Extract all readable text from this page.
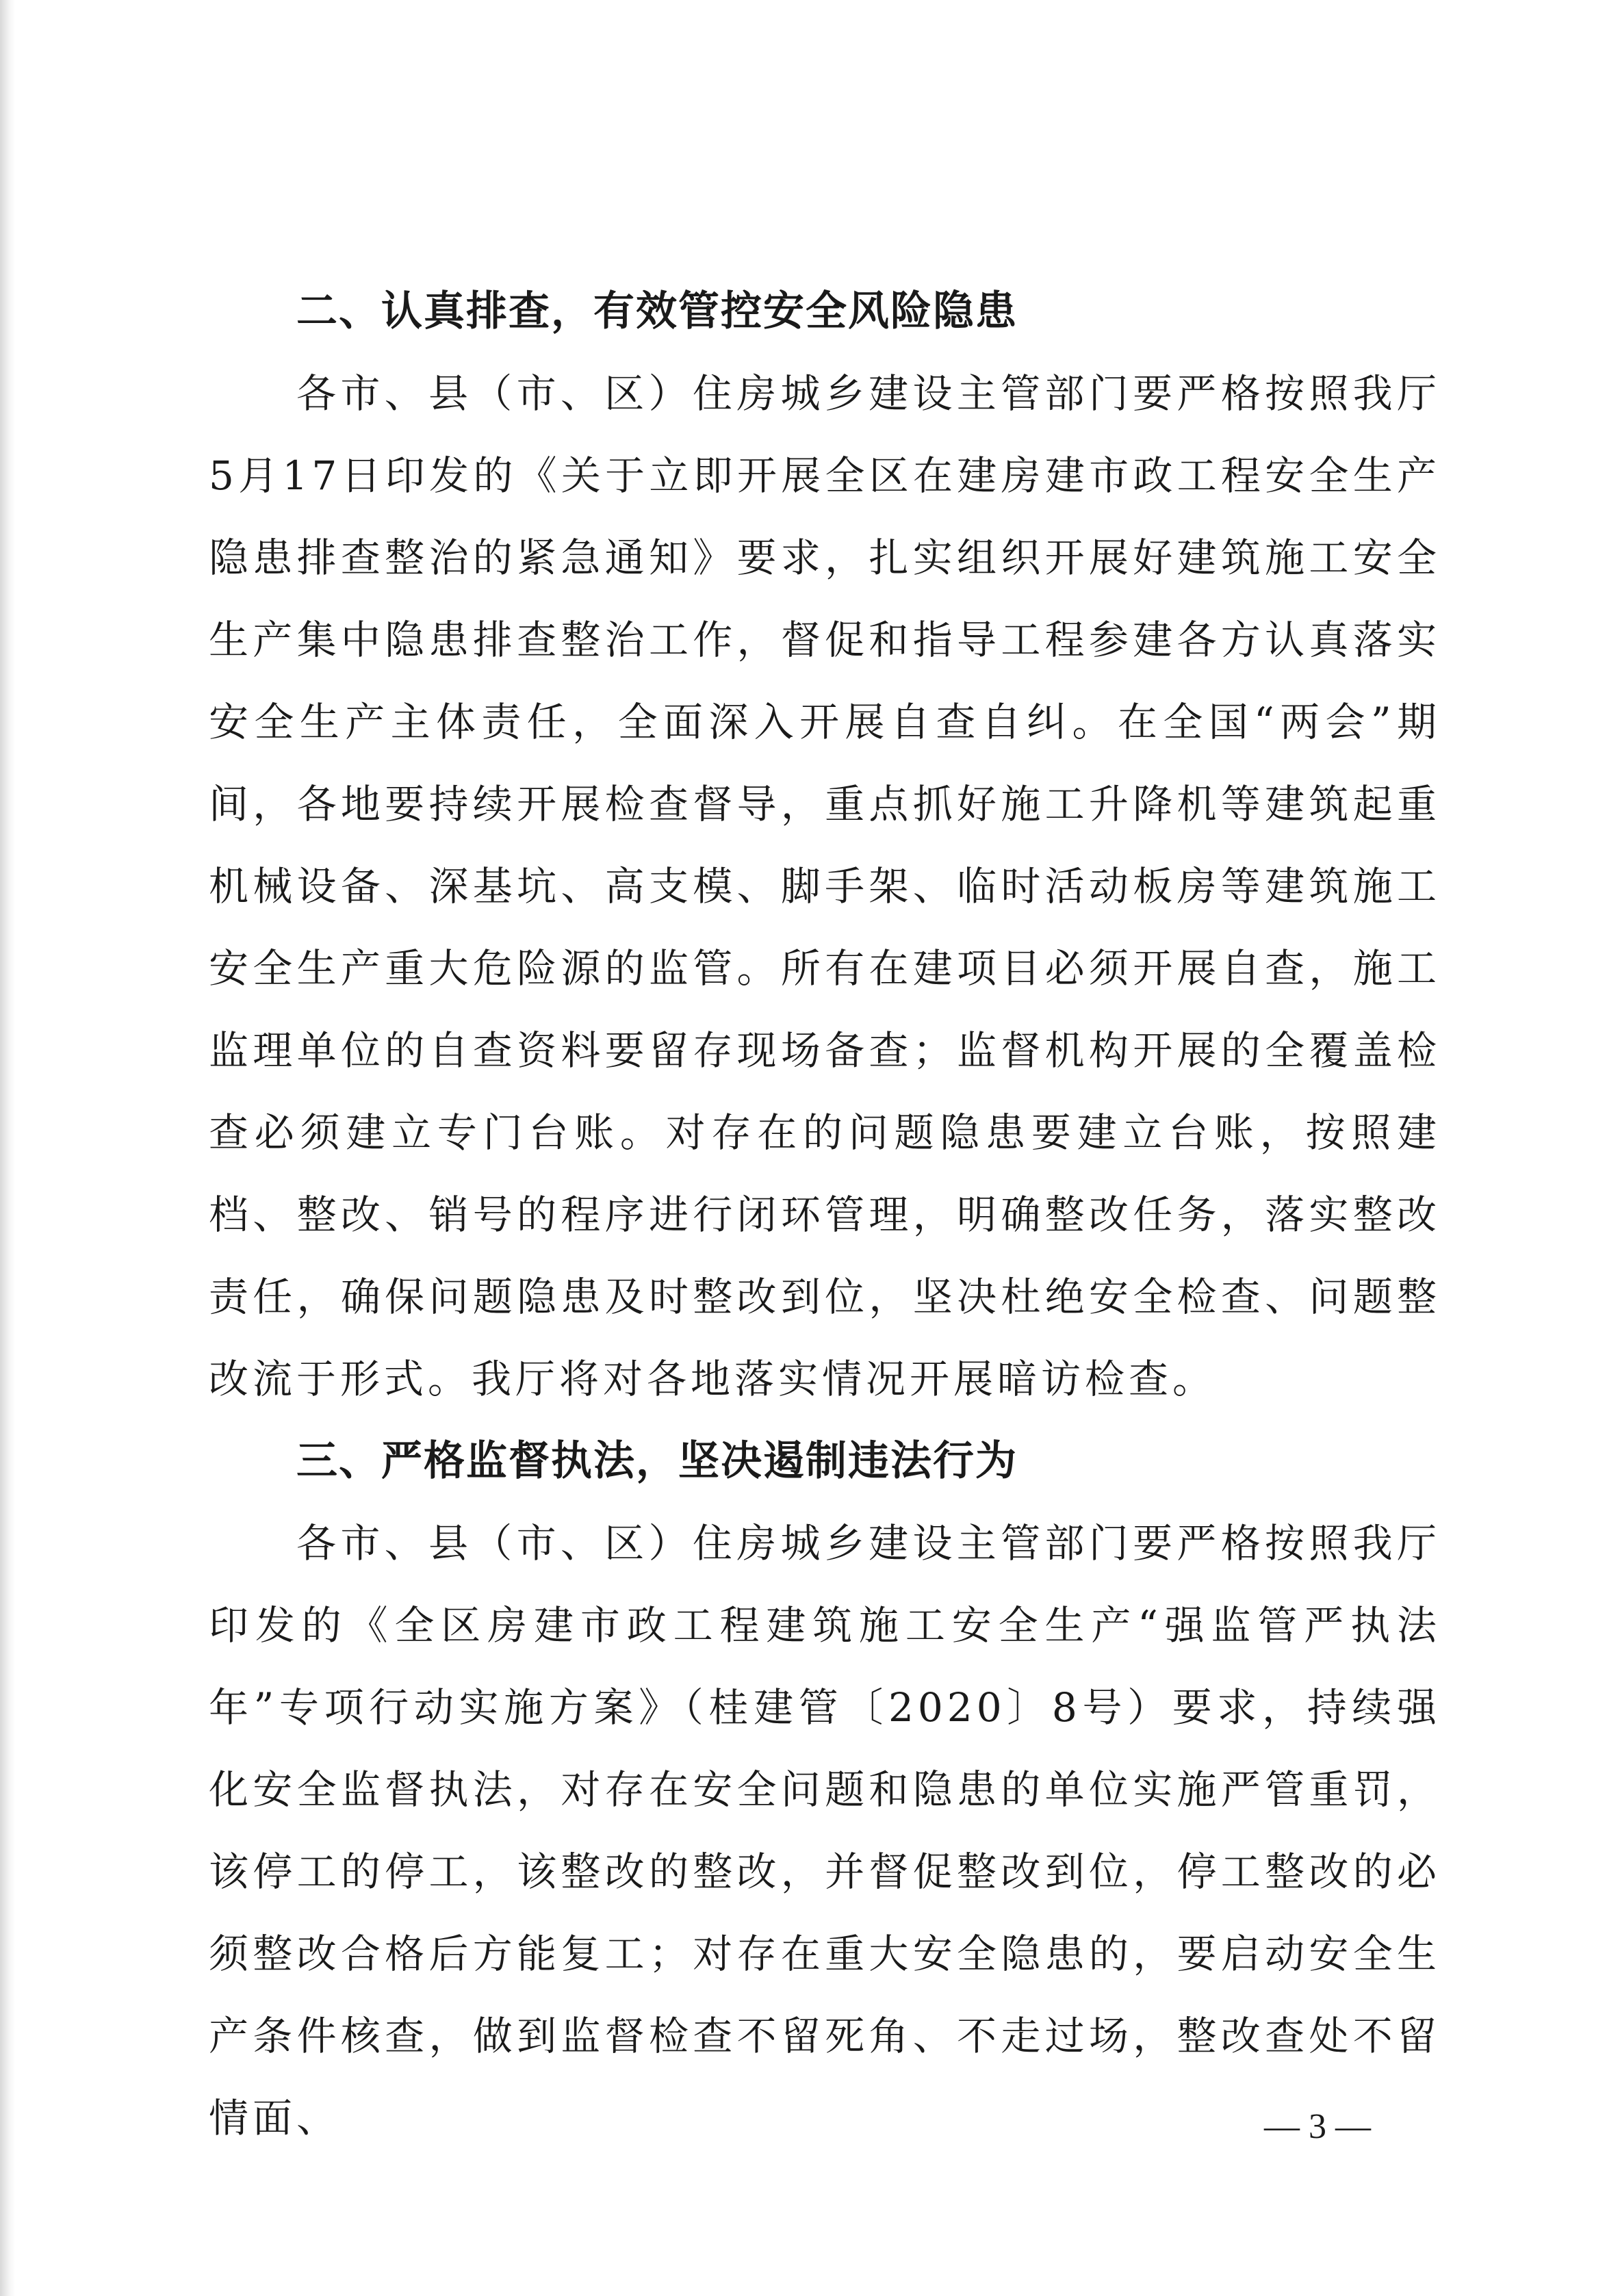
二、认真排查，有效管控安全风险隐患

各市、县（市、区）住房城乡建设主管部门要严格按照我厅5月17日印发的《关于立即开展全区在建房建市政工程安全生产隐患排查整治的紧急通知》要求，扎实组织开展好建筑施工安全生产集中隐患排查整治工作，督促和指导工程参建各方认真落实安全生产主体责任，全面深入开展自查自纠。在全国“两会”期间，各地要持续开展检查督导，重点抓好施工升降机等建筑起重机械设备、深基坑、高支模、脚手架、临时活动板房等建筑施工安全生产重大危险源的监管。所有在建项目必须开展自查，施工监理单位的自查资料要留存现场备查；监督机构开展的全覆盖检查必须建立专门台账。对存在的问题隐患要建立台账，按照建档、整改、销号的程序进行闭环管理，明确整改任务，落实整改责任，确保问题隐患及时整改到位，坚决杜绝安全检查、问题整改流于形式。我厅将对各地落实情况开展暗访检查。

三、严格监督执法，坚决遏制违法行为

各市、县（市、区）住房城乡建设主管部门要严格按照我厅印发的《全区房建市政工程建筑施工安全生产“强监管严执法年”专项行动实施方案》（桂建管〔2020〕8号）要求，持续强化安全监督执法，对存在安全问题和隐患的单位实施严管重罚，该停工的停工，该整改的整改，并督促整改到位，停工整改的必须整改合格后方能复工；对存在重大安全隐患的，要启动安全生产条件核查，做到监督检查不留死角、不走过场，整改查处不留情面、	— 3 —
